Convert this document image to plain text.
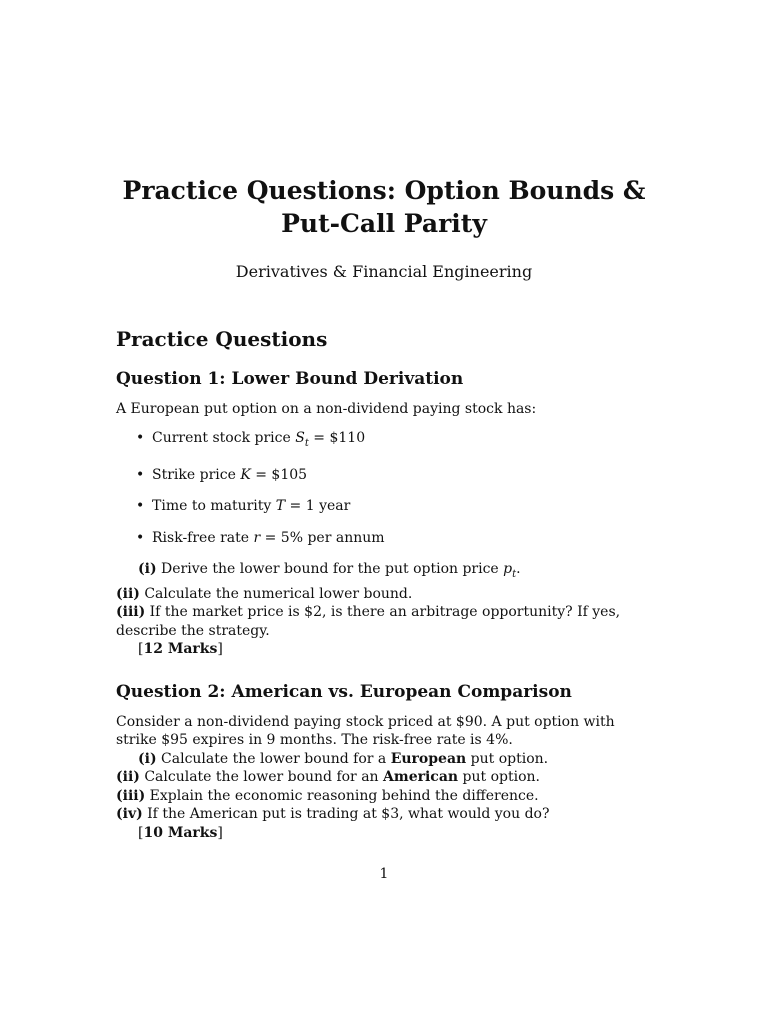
Practice Questions: Option Bounds &
Put-Call Parity
Derivatives & Financial Engineering
Practice Questions
Question 1: Lower Bound Derivation

A European put option on a non-dividend paying stock has:

• Current stock price $S_t$ = $110
• Strike price K = $105
• Time to maturity T = 1 year
• Risk-free rate r = 5% per annum

(i) Derive the lower bound for the put option price $p_t$.

(ii) Calculate the numerical lower bound.

(iii) If the market price is $2, is there an arbitrage opportunity? If yes, describe the strategy.

[12 Marks]

Question 2: American vs. European Comparison

Consider a non-dividend paying stock priced at $90. A put option with strike $95 expires in 9 months. The risk-free rate is 4%.

(i) Calculate the lower bound for a European put option.

(ii) Calculate the lower bound for an American put option.

(iii) Explain the economic reasoning behind the difference.

(iv) If the American put is trading at $3, what would you do?

[10 Marks]

1
